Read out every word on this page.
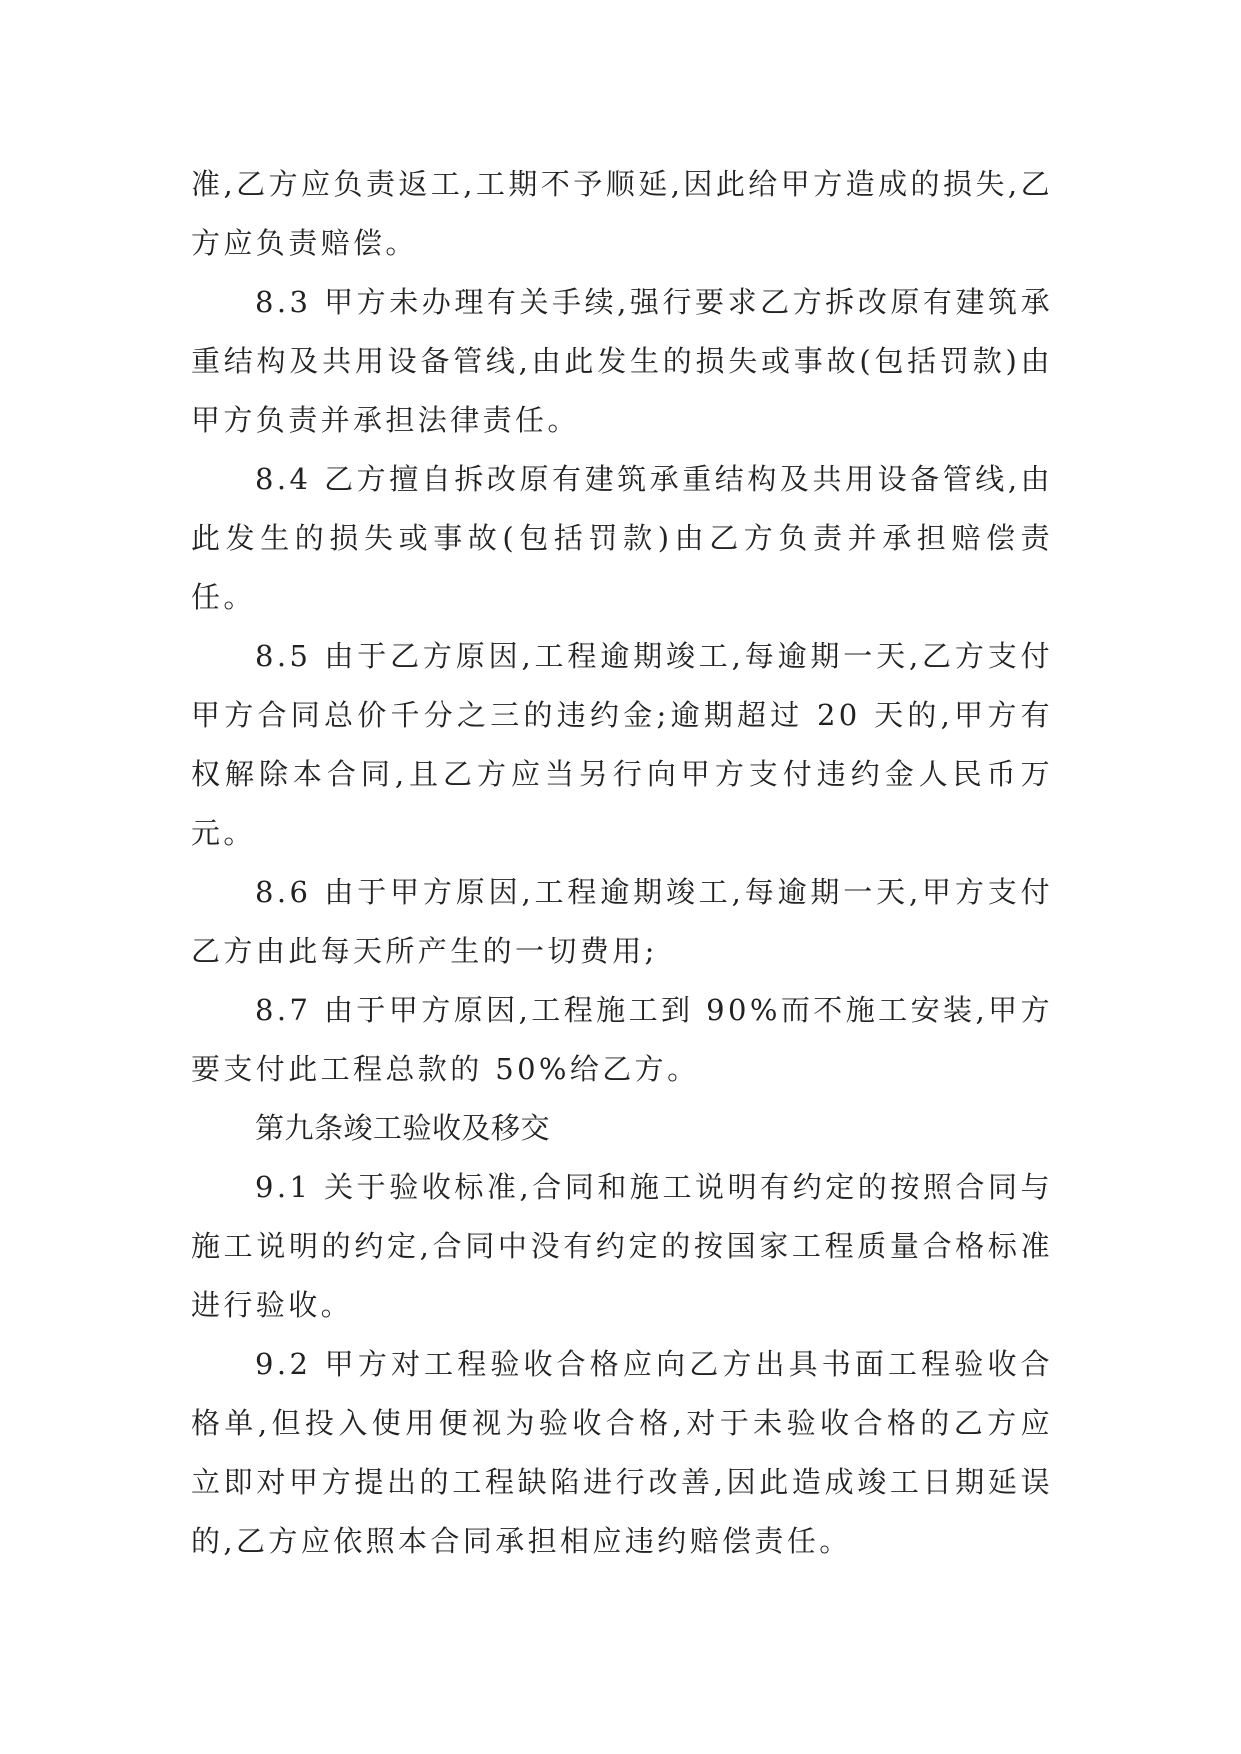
准,乙方应负责返工,工期不予顺延,因此给甲方造成的损失,乙方应负责赔偿。

8.3 甲方未办理有关手续,强行要求乙方拆改原有建筑承重结构及共用设备管线,由此发生的损失或事故(包括罚款)由甲方负责并承担法律责任。

8.4 乙方擅自拆改原有建筑承重结构及共用设备管线,由此发生的损失或事故(包括罚款)由乙方负责并承担赔偿责任。

8.5 由于乙方原因,工程逾期竣工,每逾期一天,乙方支付甲方合同总价千分之三的违约金;逾期超过 20 天的,甲方有权解除本合同,且乙方应当另行向甲方支付违约金人民币万元。

8.6 由于甲方原因,工程逾期竣工,每逾期一天,甲方支付乙方由此每天所产生的一切费用;

8.7 由于甲方原因,工程施工到 90%而不施工安装,甲方要支付此工程总款的 50%给乙方。

第九条竣工验收及移交

9.1 关于验收标准,合同和施工说明有约定的按照合同与施工说明的约定,合同中没有约定的按国家工程质量合格标准进行验收。

9.2 甲方对工程验收合格应向乙方出具书面工程验收合格单,但投入使用便视为验收合格,对于未验收合格的乙方应立即对甲方提出的工程缺陷进行改善,因此造成竣工日期延误的,乙方应依照本合同承担相应违约赔偿责任。
